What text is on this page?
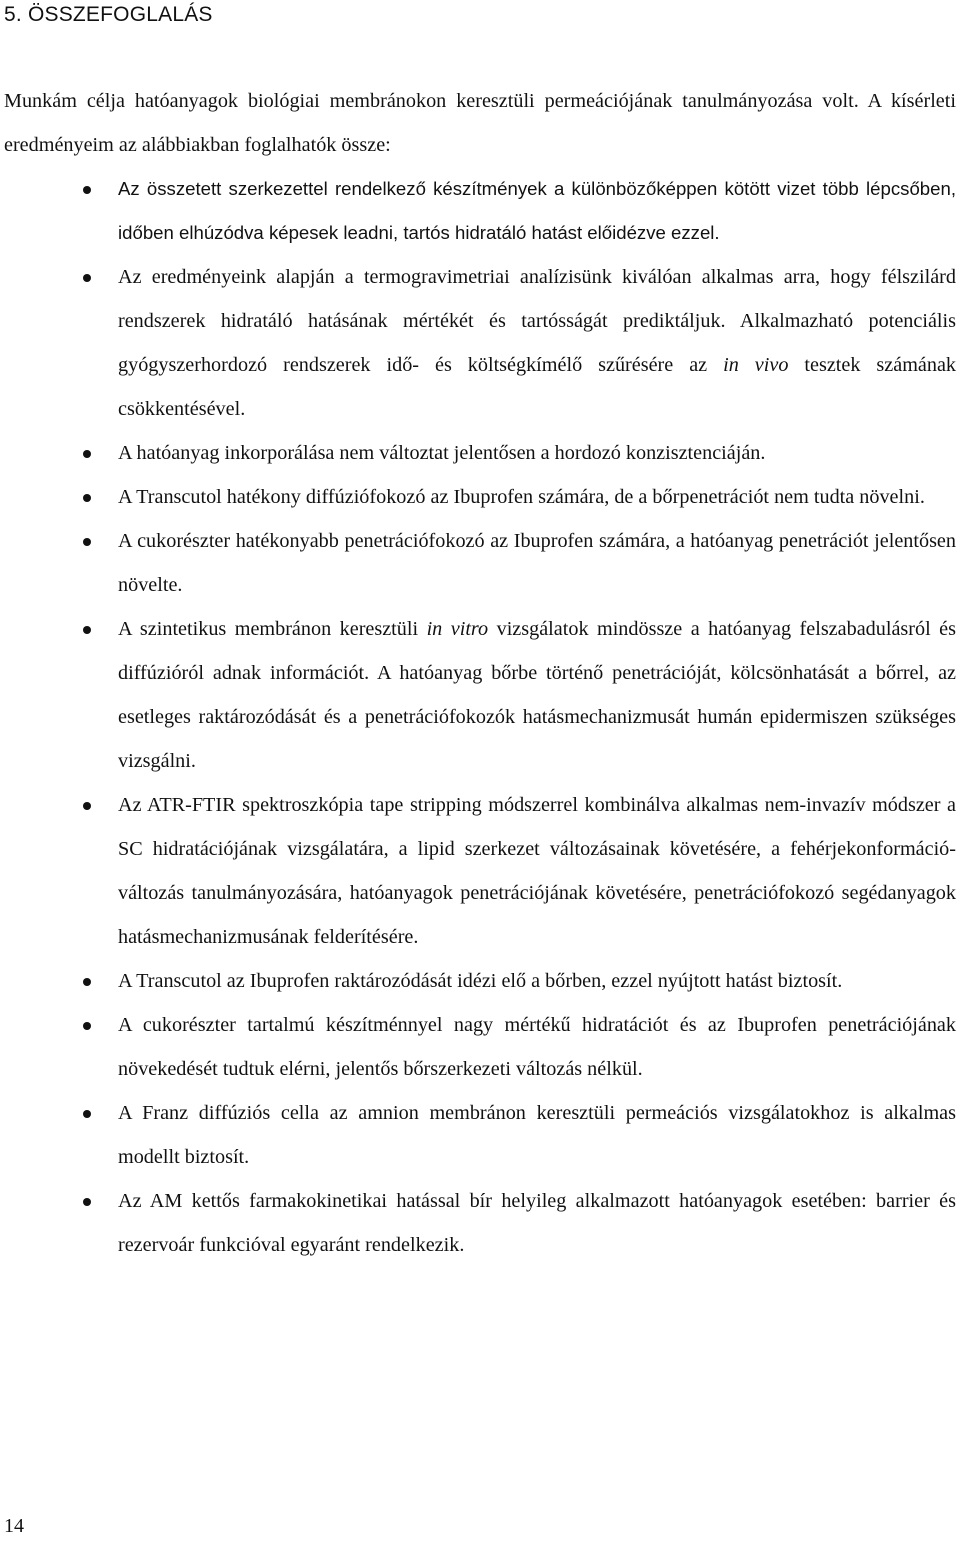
5. ÖSSZEFOGLALÁS

Munkám célja hatóanyagok biológiai membránokon keresztüli permeációjának tanulmányozása volt. A kísérleti eredményeim az alábbiakban foglalhatók össze:

Az összetett szerkezettel rendelkező készítmények a különbözőképpen kötött vizet több lépcsőben, időben elhúzódva képesek leadni, tartós hidratáló hatást előidézve ezzel.
Az eredményeink alapján a termogravimetriai analízisünk kiválóan alkalmas arra, hogy félszilárd rendszerek hidratáló hatásának mértékét és tartósságát prediktáljuk. Alkalmazható potenciális gyógyszerhordozó rendszerek idő- és költségkímélő szűrésére az in vivo tesztek számának csökkentésével.
A hatóanyag inkorporálása nem változtat jelentősen a hordozó konzisztenciáján.
A Transcutol hatékony diffúziófokozó az Ibuprofen számára, de a bőrpenetrációt nem tudta növelni.
A cukorészter hatékonyabb penetrációfokozó az Ibuprofen számára, a hatóanyag penetrációt jelentősen növelte.
A szintetikus membránon keresztüli in vitro vizsgálatok mindössze a hatóanyag felszabadulásról és diffúzióról adnak információt. A hatóanyag bőrbe történő penetrációját, kölcsönhatását a bőrrel, az esetleges raktározódását és a penetrációfokozók hatásmechanizmusát humán epidermiszen szükséges vizsgálni.
Az ATR-FTIR spektroszkópia tape stripping módszerrel kombinálva alkalmas nem-invazív módszer a SC hidratációjának vizsgálatára, a lipid szerkezet változásainak követésére, a fehérjekonformáció-változás tanulmányozására, hatóanyagok penetrációjának követésére, penetrációfokozó segédanyagok hatásmechanizmusának felderítésére.
A Transcutol az Ibuprofen raktározódását idézi elő a bőrben, ezzel nyújtott hatást biztosít.
A cukorészter tartalmú készítménnyel nagy mértékű hidratációt és az Ibuprofen penetrációjának növekedését tudtuk elérni, jelentős bőrszerkezeti változás nélkül.
A Franz diffúziós cella az amnion membránon keresztüli permeációs vizsgálatokhoz is alkalmas modellt biztosít.
Az AM kettős farmakokinetikai hatással bír helyileg alkalmazott hatóanyagok esetében: barrier és rezervoár funkcióval egyaránt rendelkezik.
14
